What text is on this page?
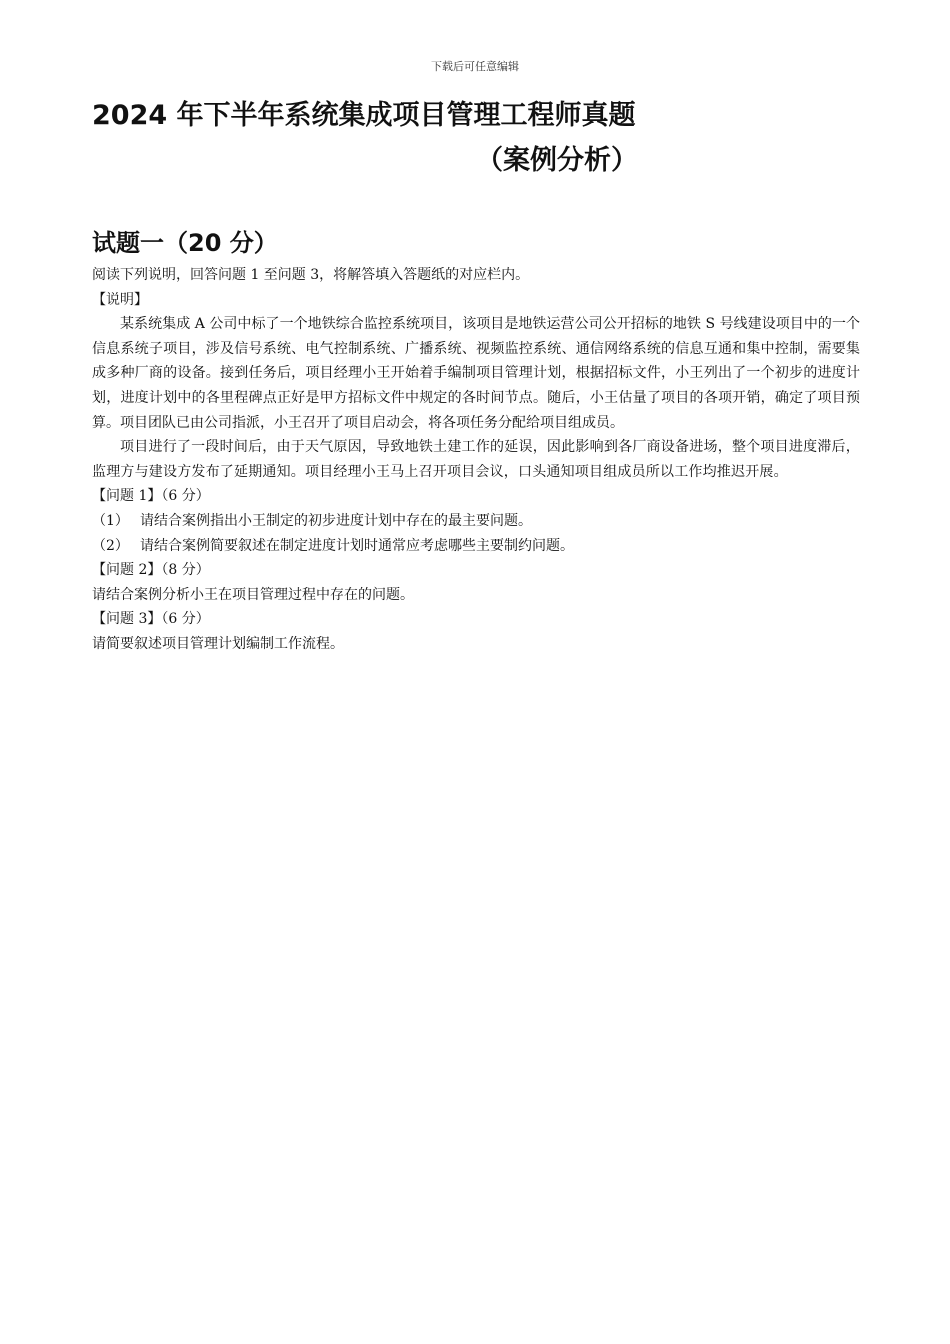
下载后可任意编辑
2024 年下半年系统集成项目管理工程师真题
（案例分析）
试题一（20 分）
阅读下列说明，回答问题 1 至问题 3，将解答填入答题纸的对应栏内。
【说明】
某系统集成 A 公司中标了一个地铁综合监控系统项目，该项目是地铁运营公司公开招标的地铁 S 号线建设项目中的一个信息系统子项目，涉及信号系统、电气控制系统、广播系统、视频监控系统、通信网络系统的信息互通和集中控制，需要集成多种厂商的设备。接到任务后，项目经理小王开始着手编制项目管理计划，根据招标文件，小王列出了一个初步的进度计划，进度计划中的各里程碑点正好是甲方招标文件中规定的各时间节点。随后，小王估量了项目的各项开销，确定了项目预算。项目团队已由公司指派，小王召开了项目启动会，将各项任务分配给项目组成员。
项目进行了一段时间后，由于天气原因，导致地铁土建工作的延误，因此影响到各厂商设备进场，整个项目进度滞后，监理方与建设方发布了延期通知。项目经理小王马上召开项目会议，口头通知项目组成员所以工作均推迟开展。
【问题 1】（6 分）
（1） 请结合案例指出小王制定的初步进度计划中存在的最主要问题。
（2） 请结合案例简要叙述在制定进度计划时通常应考虑哪些主要制约问题。
【问题 2】（8 分）
请结合案例分析小王在项目管理过程中存在的问题。
【问题 3】（6 分）
请简要叙述项目管理计划编制工作流程。
